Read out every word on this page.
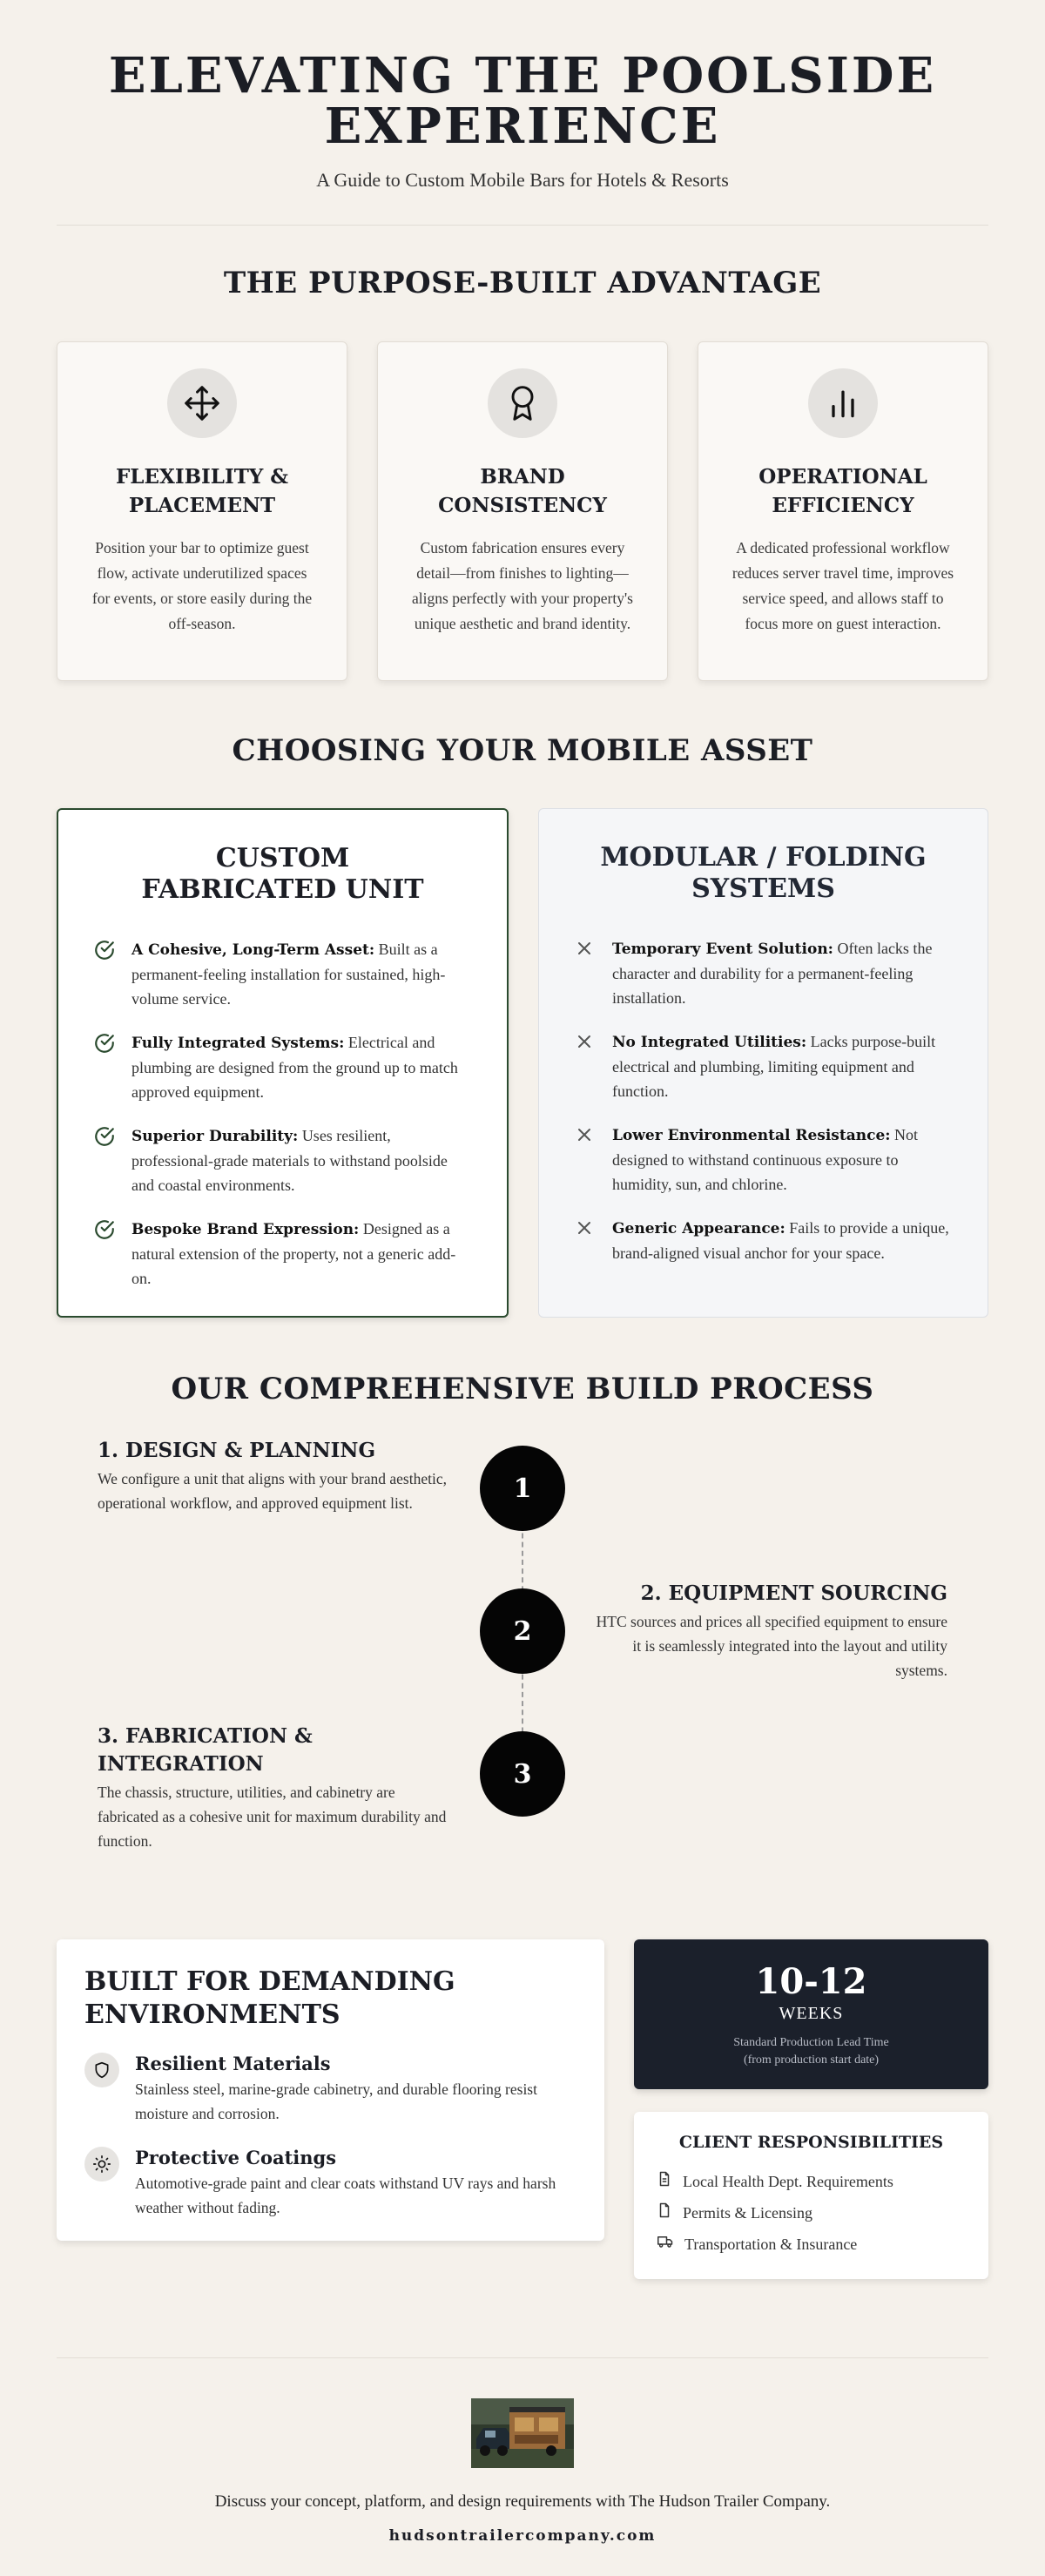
ELEVATING THE POOLSIDE EXPERIENCE
A Guide to Custom Mobile Bars for Hotels & Resorts
THE PURPOSE-BUILT ADVANTAGE
FLEXIBILITY & PLACEMENT

Position your bar to optimize guest flow, activate underutilized spaces for events, or store easily during the off-season.

BRAND CONSISTENCY

Custom fabrication ensures every detail—from finishes to lighting—aligns perfectly with your property's unique aesthetic and brand identity.

OPERATIONAL EFFICIENCY

A dedicated professional workflow reduces server travel time, improves service speed, and allows staff to focus more on guest interaction.

CHOOSING YOUR MOBILE ASSET
CUSTOM FABRICATED UNIT
A Cohesive, Long-Term Asset: Built as a permanent-feeling installation for sustained, high-volume service.
Fully Integrated Systems: Electrical and plumbing are designed from the ground up to match approved equipment.
Superior Durability: Uses resilient, professional-grade materials to withstand poolside and coastal environments.
Bespoke Brand Expression: Designed as a natural extension of the property, not a generic add-on.
MODULAR / FOLDING SYSTEMS
Temporary Event Solution: Often lacks the character and durability for a permanent-feeling installation.
No Integrated Utilities: Lacks purpose-built electrical and plumbing, limiting equipment and function.
Lower Environmental Resistance: Not designed to withstand continuous exposure to humidity, sun, and chlorine.
Generic Appearance: Fails to provide a unique, brand-aligned visual anchor for your space.
OUR COMPREHENSIVE BUILD PROCESS
1. DESIGN & PLANNING

We configure a unit that aligns with your brand aesthetic, operational workflow, and approved equipment list.	1
2. EQUIPMENT SOURCING

HTC sources and prices all specified equipment to ensure it is seamlessly integrated into the layout and utility systems.

2
3. FABRICATION & INTEGRATION

The chassis, structure, utilities, and cabinetry are fabricated as a cohesive unit for maximum durability and function.

3
BUILT FOR DEMANDING ENVIRONMENTS
Resilient Materials

Stainless steel, marine-grade cabinetry, and durable flooring resist moisture and corrosion.

Protective Coatings

Automotive-grade paint and clear coats withstand UV rays and harsh weather without fading.

10-12
WEEKS
Standard Production Lead Time
(from production start date)
CLIENT RESPONSIBILITIES
Local Health Dept. Requirements
Permits & Licensing
Transportation & Insurance

Discuss your concept, platform, and design requirements with The Hudson Trailer Company.

hudsontrailercompany.com
